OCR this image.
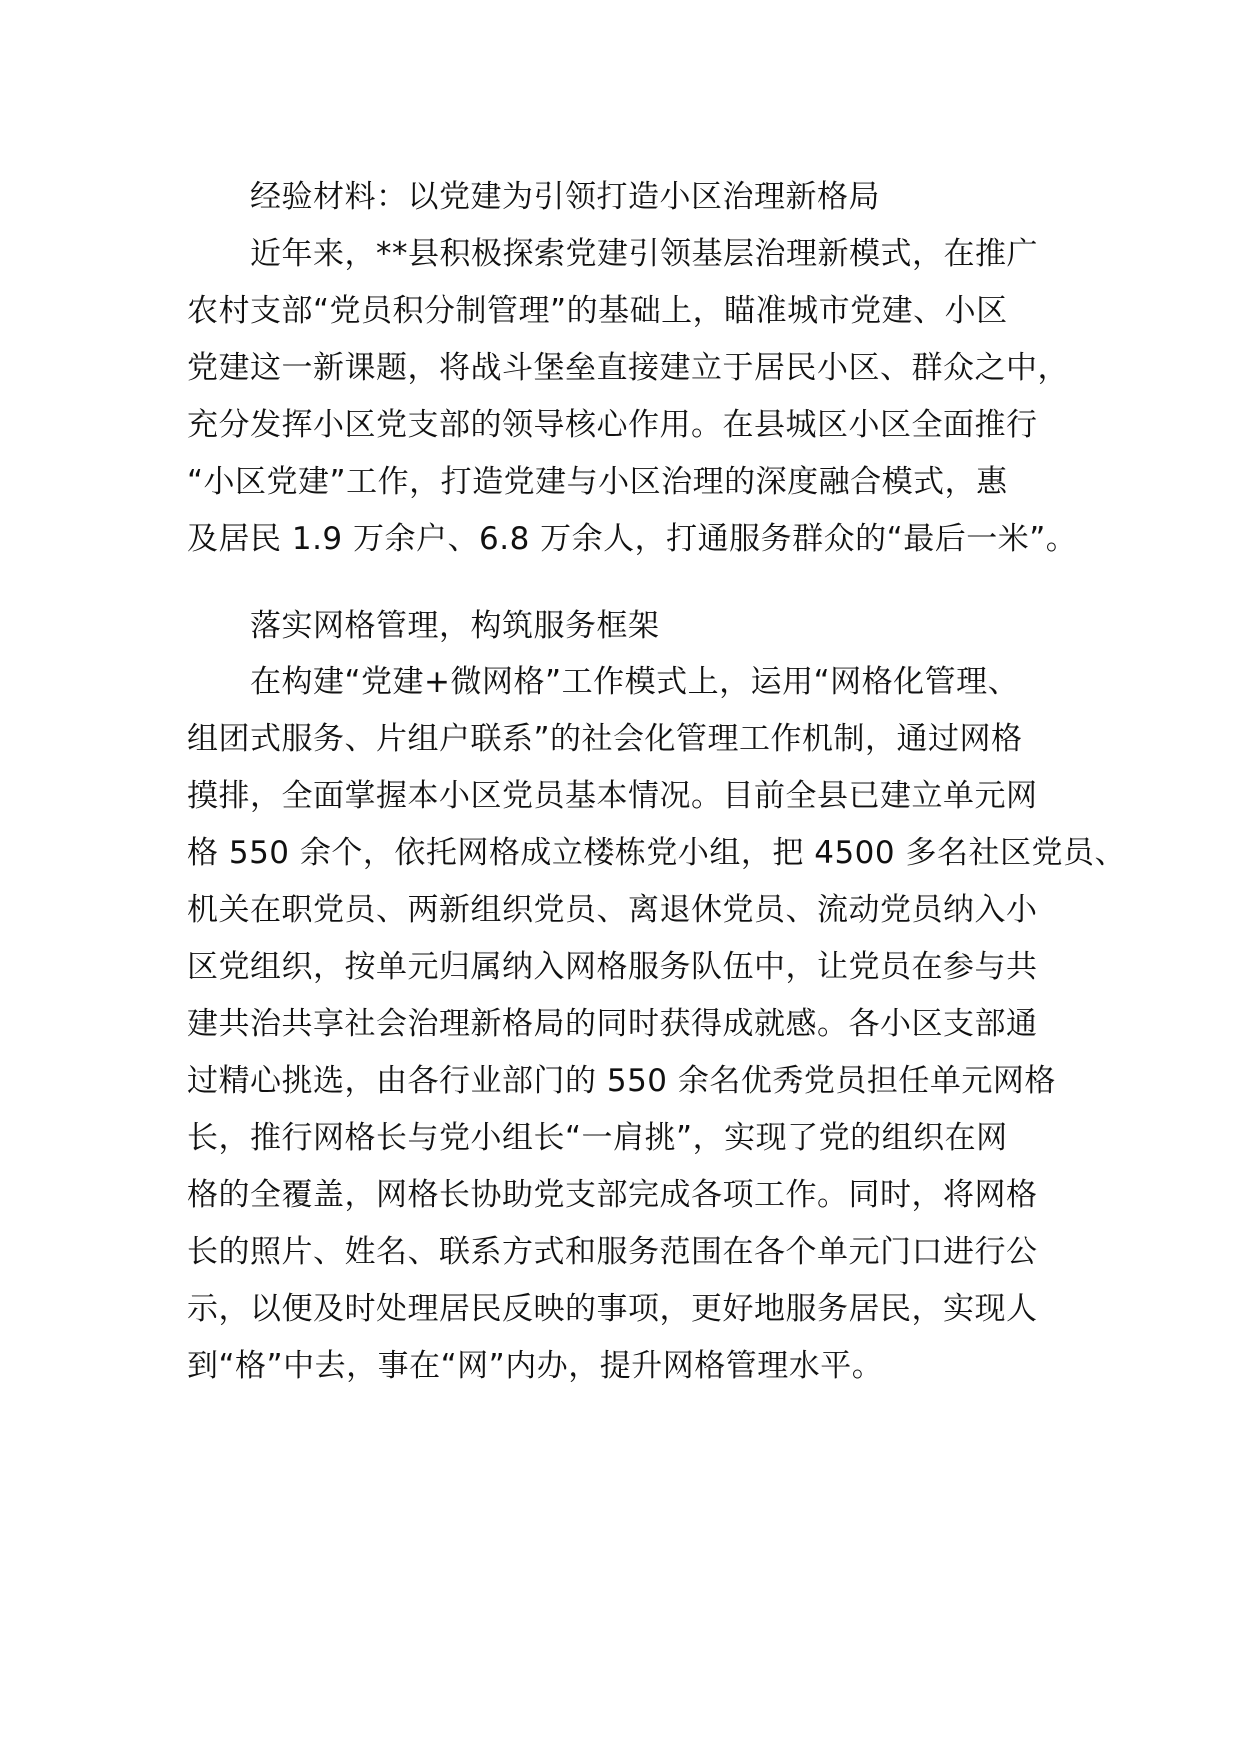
经验材料：以党建为引领打造小区治理新格局
近年来，**县积极探索党建引领基层治理新模式，在推广
农村支部“党员积分制管理”的基础上，瞄准城市党建、小区
党建这一新课题，将战斗堡垒直接建立于居民小区、群众之中，
充分发挥小区党支部的领导核心作用。在县城区小区全面推行
“小区党建”工作，打造党建与小区治理的深度融合模式，惠
及居民 1.9 万余户、6.8 万余人，打通服务群众的“最后一米”。
落实网格管理，构筑服务框架
在构建“党建+微网格”工作模式上，运用“网格化管理、
组团式服务、片组户联系”的社会化管理工作机制，通过网格
摸排，全面掌握本小区党员基本情况。目前全县已建立单元网
格 550 余个，依托网格成立楼栋党小组，把 4500 多名社区党员、
机关在职党员、两新组织党员、离退休党员、流动党员纳入小
区党组织，按单元归属纳入网格服务队伍中，让党员在参与共
建共治共享社会治理新格局的同时获得成就感。各小区支部通
过精心挑选，由各行业部门的 550 余名优秀党员担任单元网格
长，推行网格长与党小组长“一肩挑”，实现了党的组织在网
格的全覆盖，网格长协助党支部完成各项工作。同时，将网格
长的照片、姓名、联系方式和服务范围在各个单元门口进行公
示，以便及时处理居民反映的事项，更好地服务居民，实现人
到“格”中去，事在“网”内办，提升网格管理水平。
